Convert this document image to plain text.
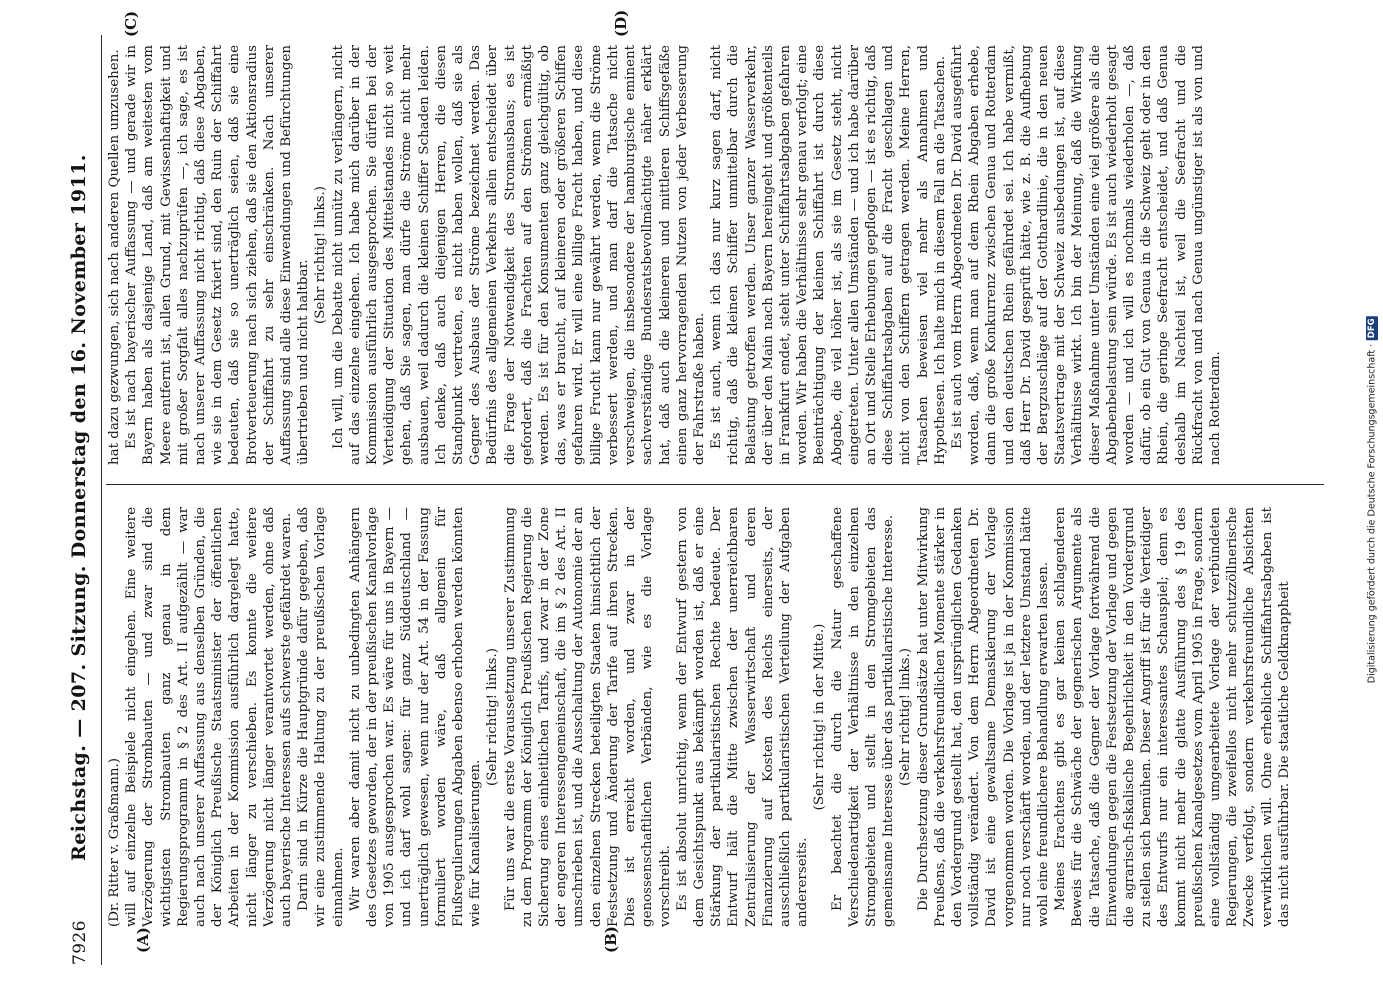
7926
Reichstag. — 207. Sitzung. Donnerstag den 16. November 1911.
(A)	(B)
(C)	(D)

(Dr. Ritter v. Graßmann.) will auf einzelne Beispiele nicht eingehen. Eine weitere Verzögerung der Strombauten — und zwar sind die wichtigsten Strombauten ganz genau in dem Regierungsprogramm in § 2 des Art. II aufgezählt — war auch nach unserer Auffassung aus denselben Gründen, die der Königlich Preußische Staatsminister der öffentlichen Arbeiten in der Kommission ausführlich dargelegt hatte, nicht länger zu verschieben. Es konnte die weitere Verzögerung nicht länger verantwortet werden, ohne daß auch bayerische Interessen aufs schwerste gefährdet waren. Darin sind in Kürze die Hauptgründe dafür gegeben, daß wir eine zustimmende Haltung zu der preußischen Vorlage einnahmen. Wir waren aber damit nicht zu unbedingten Anhängern des Gesetzes geworden, der in der preußischen Kanalvorlage von 1905 ausgesprochen war. Es wäre für uns in Bayern — und ich darf wohl sagen: für ganz Süddeutschland — unerträglich gewesen, wenn nur der Art. 54 in der Fassung formuliert worden wäre, daß allgemein für Flußregulierungen Abgaben ebenso erhoben werden könnten wie für Kanalisierungen.

(Sehr richtig! links.) Für uns war die erste Voraussetzung unserer Zustimmung zu dem Programm der Königlich Preußischen Regierung die Sicherung eines einheitlichen Tarifs, und zwar in der Zone der engeren Interessengemeinschaft, die im § 2 des Art. II umschrieben ist, und die Ausschaltung der Autonomie der an den einzelnen Strecken beteiligten Staaten hinsichtlich der Festsetzung und Änderung der Tarife auf ihren Strecken. Dies ist erreicht worden, und zwar in der genossenschaftlichen Verbänden, wie es die Vorlage vorschreibt. Es ist absolut unrichtig, wenn der Entwurf gestern von dem Gesichtspunkt aus bekämpft worden ist, daß er eine Stärkung der partikularistischen Rechte bedeute. Der Entwurf hält die Mitte zwischen der unerreichbaren Zentralisierung der Wasserwirtschaft und deren Finanzierung auf Kosten des Reichs einerseits, der ausschließlich partikularistischen Verteilung der Aufgaben andererseits.

(Sehr richtig! in der Mitte.) Er beachtet die durch die Natur geschaffene Verschiedenartigkeit der Verhältnisse in den einzelnen Stromgebieten und stellt in den Stromgebieten das gemeinsame Interesse über das partikularistische Interesse. (Sehr richtig! links.) Die Durchsetzung dieser Grundsätze hat unter Mitwirkung Preußens, daß die verkehrsfreundlichen Momente stärker in den Vordergrund gestellt hat, den ursprünglichen Gedanken vollständig verändert. Von dem Herrn Abgeordneten Dr. David ist eine gewaltsame Demaskierung der Vorlage vorgenommen worden. Die Vorlage ist ja in der Kommission nur noch verschärft worden, und der letztere Umstand hätte wohl eine freundlichere Behandlung erwarten lassen. Meines Erachtens gibt es gar keinen schlagenderen Beweis für die Schwäche der gegnerischen Argumente als die Tatsache, daß die Gegner der Vorlage fortwährend die Einwendungen gegen die Festsetzung der Vorlage und gegen die agrarisch-fiskalische Begehrlichkeit in den Vordergrund zu stellen sich bemühen. Dieser Angriff ist für die Verteidiger des Entwurfs nur ein interessantes Schauspiel; denn es kommt nicht mehr die glatte Ausführung des § 19 des preußischen Kanalgesetzes vom April 1905 in Frage, sondern eine vollständig umgearbeitete Vorlage der verbündeten Regierungen, die zweifellos nicht mehr schutzzöllnerische Zwecke verfolgt, sondern verkehrsfreundliche Absichten verwirklichen will. Ohne erhebliche Schiffahrtsabgaben ist das nicht ausführbar. Die staatliche Geldknappheit

hat dazu gezwungen, sich nach anderen Quellen umzusehen. Es ist nach bayerischer Auffassung — und gerade wir in Bayern haben als dasjenige Land, daß am weitesten vom Meere entfernt ist, allen Grund, mit Gewissenhaftigkeit und mit großer Sorgfalt alles nachzuprüfen —, ich sage, es ist nach unserer Auffassung nicht richtig, daß diese Abgaben, wie sie in dem Gesetz fixiert sind, den Ruin der Schiffahrt bedeuten, daß sie so unerträglich seien, daß sie eine Brotverteuerung nach sich ziehen, daß sie den Aktionsradius der Schiffahrt zu sehr einschränken. Nach unserer Auffassung sind alle diese Einwendungen und Befürchtungen übertrieben und nicht haltbar.

(Sehr richtig! links.) Ich will, um die Debatte nicht unnütz zu verlängern, nicht auf das einzelne eingehen. Ich habe mich darüber in der Kommission ausführlich ausgesprochen. Sie dürfen bei der Verteidigung der Situation des Mittelstandes nicht so weit gehen, daß Sie sagen, man dürfe die Ströme nicht mehr ausbauen, weil dadurch die kleinen Schiffer Schaden leiden. Ich denke, daß auch diejenigen Herren, die diesen Standpunkt vertreten, es nicht haben wollen, daß sie als Gegner des Ausbaus der Ströme bezeichnet werden. Das Bedürfnis des allgemeinen Verkehrs allein entscheidet über die Frage der Notwendigkeit des Stromausbaus; es ist gefordert, daß die Frachten auf den Strömen ermäßigt werden. Es ist für den Konsumenten ganz gleichgültig, ob das, was er braucht, auf kleineren oder größeren Schiffen gefahren wird. Er will eine billige Fracht haben, und diese billige Frucht kann nur gewährt werden, wenn die Ströme verbessert werden, und man darf die Tatsache nicht verschweigen, die insbesondere der hamburgische eminent sachverständige Bundesratsbevollmächtigte näher erklärt hat, daß auch die kleineren und mittleren Schiffsgefäße einen ganz hervorragenden Nutzen von jeder Verbesserung der Fahrstraße haben. Es ist auch, wenn ich das nur kurz sagen darf, nicht richtig, daß die kleinen Schiffer unmittelbar durch die Belastung getroffen werden. Unser ganzer Wasserverkehr, der über den Main nach Bayern hereingeht und größtenteils in Frankfurt endet, steht unter Schiffahrtsabgaben gefahren worden. Wir haben die Verhältnisse sehr genau verfolgt; eine Beeinträchtigung der kleinen Schiffahrt ist durch diese Abgabe, die viel höher ist, als sie im Gesetz steht, nicht eingetreten. Unter allen Umständen — und ich habe darüber an Ort und Stelle Erhebungen gepflogen — ist es richtig, daß diese Schiffahrtsabgaben auf die Fracht geschlagen und nicht von den Schiffern getragen werden. Meine Herren, Tatsachen beweisen viel mehr als Annahmen und Hypothesen. Ich halte mich in diesem Fall an die Tatsachen. Es ist auch vom Herrn Abgeordneten Dr. David ausgeführt worden, daß, wenn man auf dem Rhein Abgaben erhebe, dann die große Konkurrenz zwischen Genua und Rotterdam und den deutschen Rhein gefährdet sei. Ich habe vermißt, daß Herr Dr. David gesprüft hätte, wie z. B. die Aufhebung der Bergzuschläge auf der Gotthardlinie, die in den neuen Staatsvertrage mit der Schweiz ausbedungen ist, auf diese Verhältnisse wirkt. Ich bin der Meinung, daß die Wirkung dieser Maßnahme unter Umständen eine viel größere als die Abgabenbelastung sein würde. Es ist auch wiederholt gesagt worden — und ich will es nochmals wiederholen —, daß dafür, ob ein Gut von Genua in die Schweiz geht oder in den Rhein, die geringe Seefracht entscheidet, und daß Genua deshalb im Nachteil ist, weil die Seefracht und die Rückfracht von und nach Genua ungünstiger ist als von und nach Rotterdam.	Digitalisierung gefördert durch die Deutsche Forschungsgemeinschaft ·
DFG
